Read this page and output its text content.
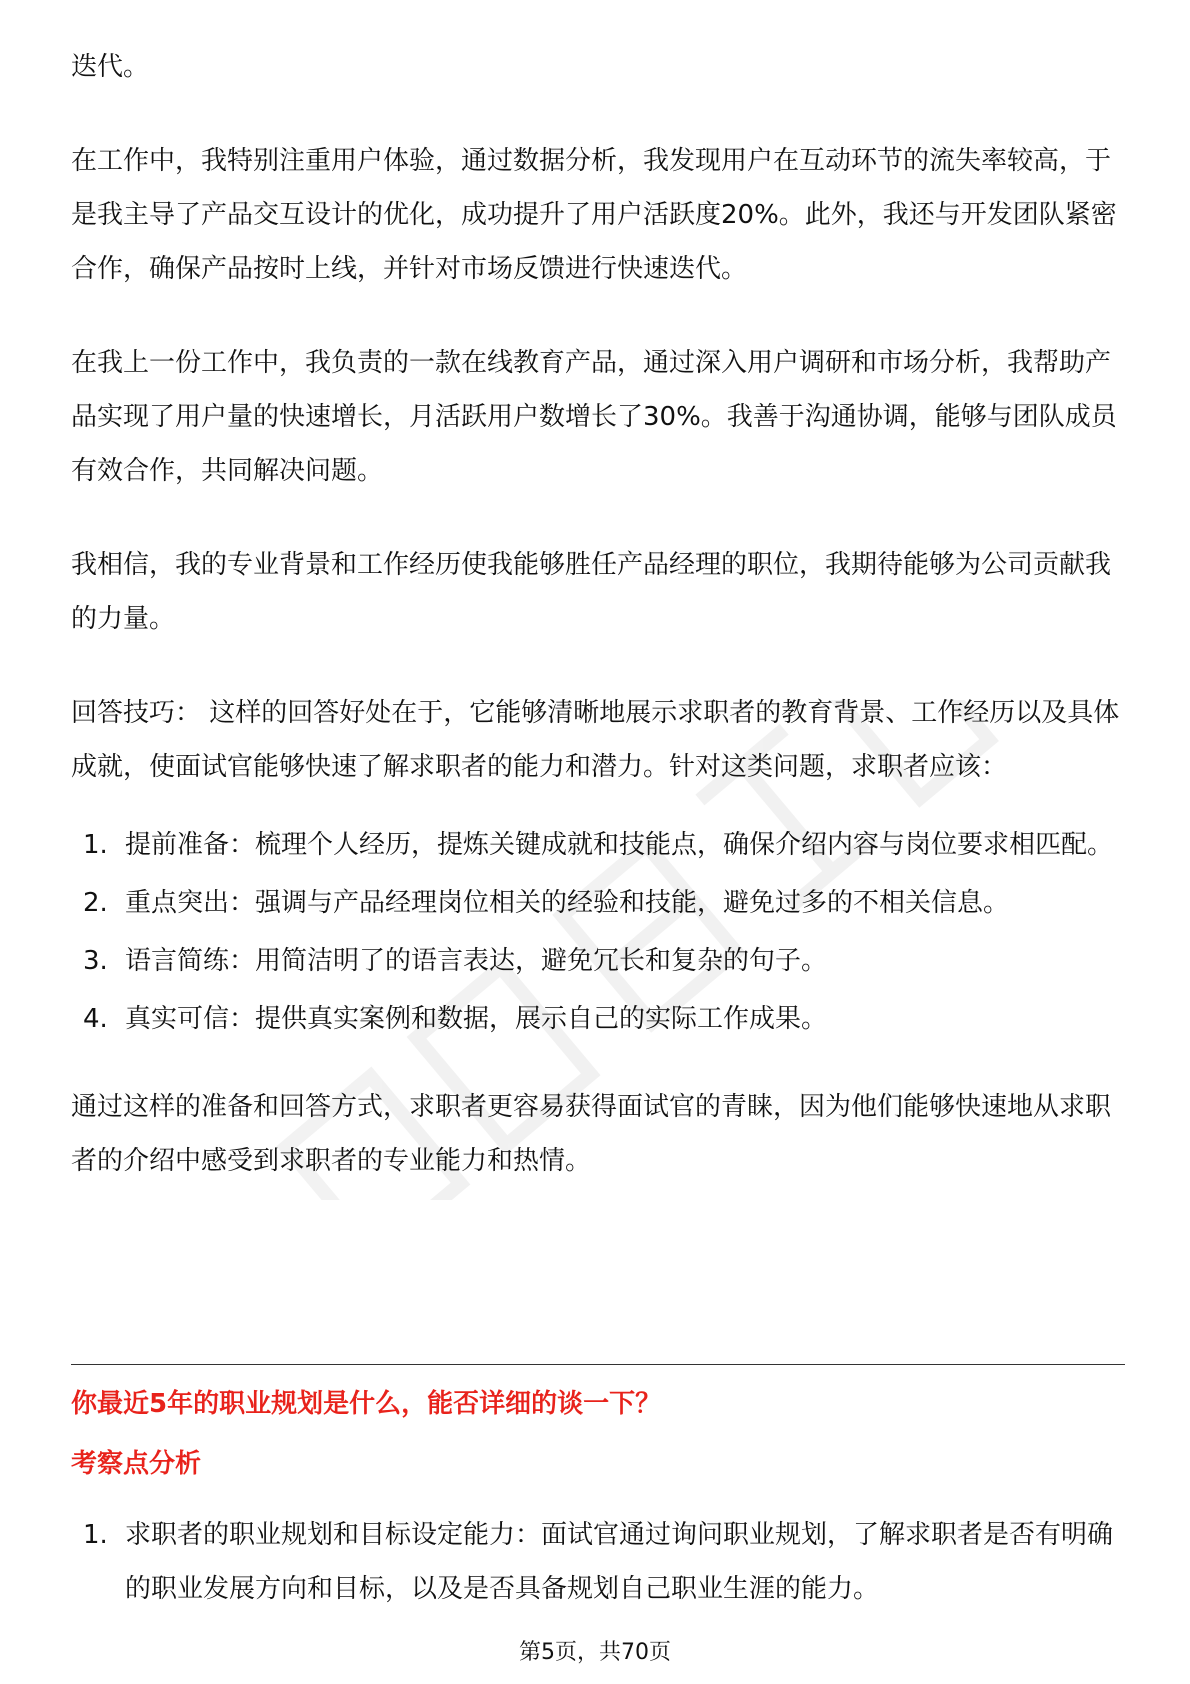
迭代。

在工作中，我特别注重用户体验，通过数据分析，我发现用户在互动环节的流失率较高，于是我主导了产品交互设计的优化，成功提升了用户活跃度20%。此外，我还与开发团队紧密合作，确保产品按时上线，并针对市场反馈进行快速迭代。

在我上一份工作中，我负责的一款在线教育产品，通过深入用户调研和市场分析，我帮助产品实现了用户量的快速增长，月活跃用户数增长了30%。我善于沟通协调，能够与团队成员有效合作，共同解决问题。

我相信，我的专业背景和工作经历使我能够胜任产品经理的职位，我期待能够为公司贡献我的力量。

回答技巧： 这样的回答好处在于，它能够清晰地展示求职者的教育背景、工作经历以及具体成就，使面试官能够快速了解求职者的能力和潜力。针对这类问题，求职者应该：

1. 提前准备：梳理个人经历，提炼关键成就和技能点，确保介绍内容与岗位要求相匹配。
2. 重点突出：强调与产品经理岗位相关的经验和技能，避免过多的不相关信息。
3. 语言简练：用简洁明了的语言表达，避免冗长和复杂的句子。
4. 真实可信：提供真实案例和数据，展示自己的实际工作成果。

通过这样的准备和回答方式，求职者更容易获得面试官的青睐，因为他们能够快速地从求职者的介绍中感受到求职者的专业能力和热情。

你最近5年的职业规划是什么，能否详细的谈一下？

考察点分析

1. 求职者的职业规划和目标设定能力：面试官通过询问职业规划，了解求职者是否有明确的职业发展方向和目标，以及是否具备规划自己职业生涯的能力。
第5页，共70页
